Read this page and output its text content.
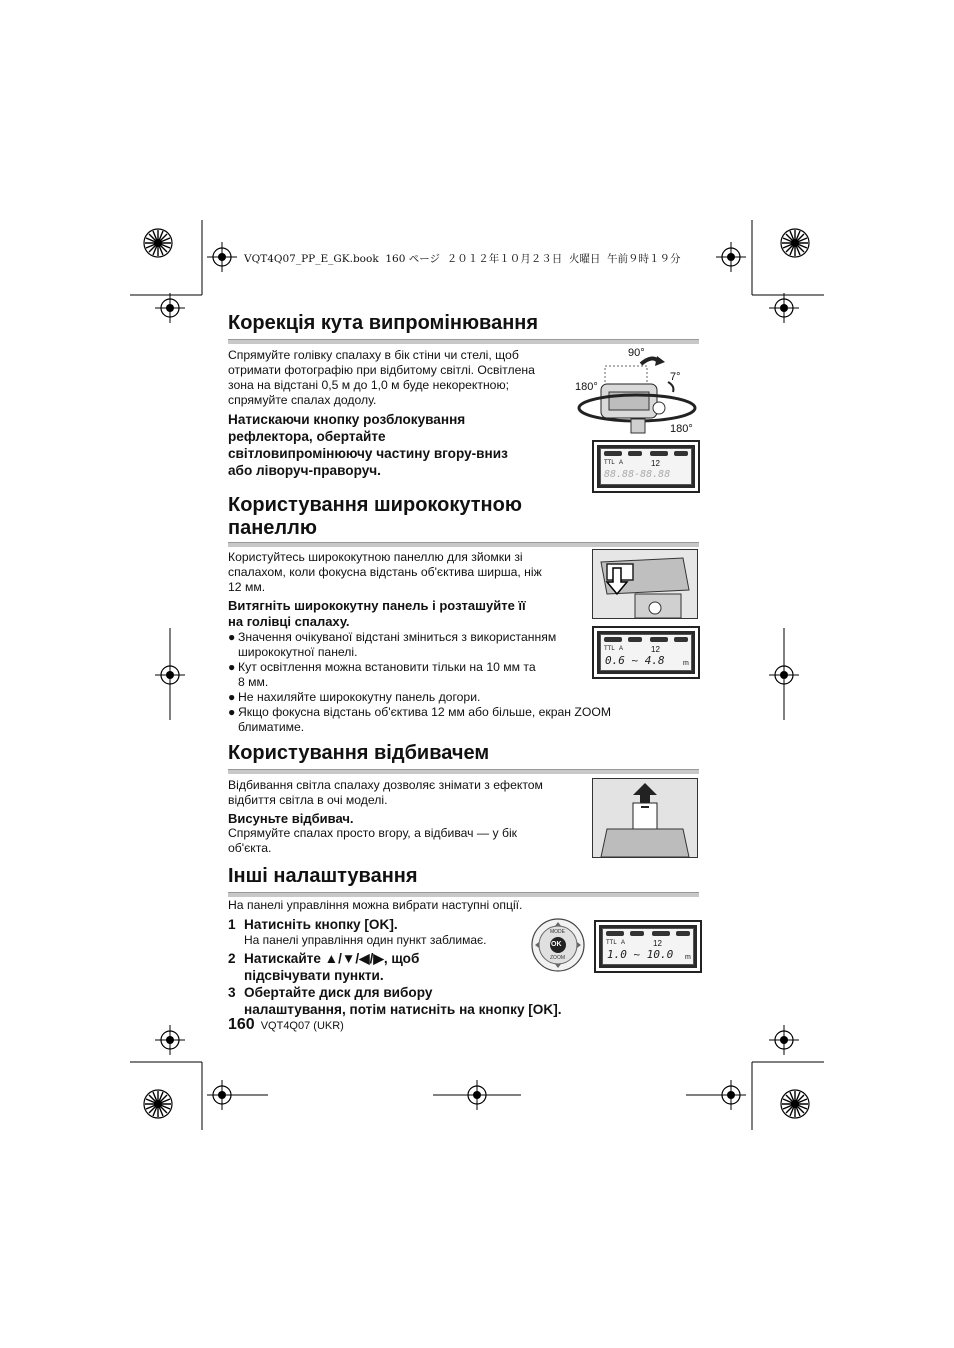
VQT4Q07_PP_E_GK.book  160 ページ  ２０１２年１０月２３日  火曜日  午前９時１９分
Корекція кута випромінювання
Спрямуйте голівку спалаху в бік стіни чи стелі, щоб
отримати фотографію при відбитому світлі. Освітлена
зона на відстані 0,5 м до 1,0 м буде некоректною;
спрямуйте спалах додолу.
Натискаючи кнопку розблокування
рефлектора, обертайте
світловипромінюючу частину вгору-вниз
або ліворуч-праворуч.
90°
7°
180°
180°
TTL A	12
88.88-88.88
Користування ширококутною
панеллю
Користуйтесь ширококутною панеллю для зйомки зі
спалахом, коли фокусна відстань об'єктива ширша, ніж
12 мм.
Витягніть ширококутну панель і розташуйте її
на голівці спалаху.
● Значення очікуваної відстані зміниться з використанням
ширококутної панелі.
● Кут освітлення можна встановити тільки на 10 мм та
8 мм.
● Не нахиляйте ширококутну панель догори.
● Якщо фокусна відстань об'єктива 12 мм або більше, екран ZOOM
блиматиме.
TTL A	12
0.6 ~ 4.8	m
Користування відбивачем
Відбивання світла спалаху дозволяє знімати з ефектом
відбиття світла в очі моделі.
Висуньте відбивач.
Спрямуйте спалах просто вгору, а відбивач — у бік
об'єкта.
Інші налаштування
На панелі управління можна вибрати наступні опції.
1 Натисніть кнопку [OK].
На панелі управління один пункт заблимає.
2 Натискайте ▲/▼/◀/▶, щоб
підсвічувати пункти.
3 Обертайте диск для вибору
налаштування, потім натисніть на кнопку [OK].
OK
MODE
ZOOM
TTL A	12
1.0 ~ 10.0 m
160 VQT4Q07 (UKR)
